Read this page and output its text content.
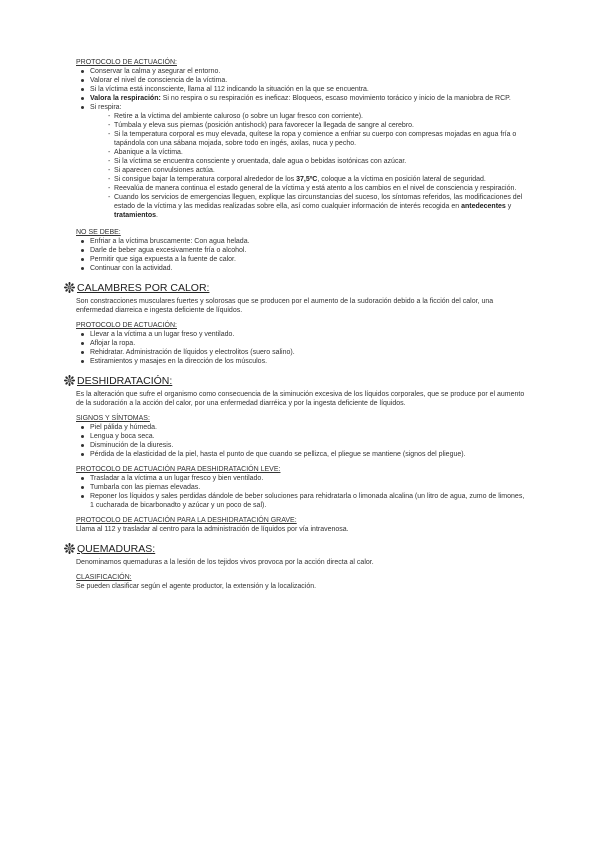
PROTOCOLO DE ACTUACIÓN:
Conservar la calma y asegurar el entorno.
Valorar el nivel de consciencia de la víctima.
Si la víctima está inconsciente, llama al 112 indicando la situación en la que se encuentra.
Valora la respiración: Si no respira o su respiración es ineficaz: Bloqueos, escaso movimiento torácico y inicio de la maniobra de RCP.
Si respira:
- Retire a la víctima del ambiente caluroso (o sobre un lugar fresco con corriente).
- Túmbala y eleva sus piernas (posición antishock) para favorecer la llegada de sangre al cerebro.
- Si la temperatura corporal es muy elevada, quítese la ropa y comience a enfriar su cuerpo con compresas mojadas en agua fría o tapándola con una sábana mojada, sobre todo en ingés, axilas, nuca y pecho.
- Abanique a la víctima.
- Si la víctima se encuentra consciente y oruentada, dale agua o bebidas isotónicas con azúcar.
- Si aparecen convulsiones actúa.
- Si consigue bajar la temperatura corporal alrededor de los 37,5ºC, coloque a la víctima en posición lateral de seguridad.
- Reevalúa de manera continua el estado general de la víctima y está atento a los cambios en el nivel de consciencia y respiración.
- Cuando los servicios de emergencias lleguen, explique las circunstancias del suceso, los síntomas referidos, las modificaciones del estado de la víctima y las medidas realizadas sobre ella, así como cualquier información de interés recogida en antedecentes y tratamientos.
NO SE DEBE:
Enfriar a la víctima bruscamente: Con agua helada.
Darle de beber agua excesivamente fría o alcohol.
Permitir que siga expuesta a la fuente de calor.
Continuar con la actividad.
CALAMBRES POR CALOR:

Son constracciones musculares fuertes y solorosas que se producen por el aumento de la sudoración debido a la ficción del calor, una enfermedad diarreica e ingesta deficiente de líquidos.

PROTOCOLO DE ACTUACIÓN:
Llevar a la víctima a un lugar freso y ventilado.
Aflojar la ropa.
Rehidratar. Administración de líquidos y electrolitos (suero salino).
Estiramientos y masajes en la dirección de los músculos.
DESHIDRATACIÓN:

Es la alteración que sufre el organismo como consecuencia de la siminución excesiva de los líquidos corporales, que se produce por el aumento de la sudoración a la acción del calor, por una enfermedad diarréica y por la ingesta deficiente de líquidos.

SIGNOS Y SÍNTOMAS:
Piel pálida y húmeda.
Lengua y boca seca.
Disminución de la diuresis.
Pérdida de la elasticidad de la piel, hasta el punto de que cuando se pellizca, el pliegue se mantiene (signos del pliegue).
PROTOCOLO DE ACTUACIÓN PARA DESHIDRATACIÓN LEVE:
Trasladar a la víctima a un lugar fresco y bien ventilado.
Tumbarla con las piernas elevadas.
Reponer los líquidos y sales perdidas dándole de beber soluciones para rehidratarla o limonada alcalina (un litro de agua, zumo de limones, 1 cucharada de bicarbonadto y azúcar y un poco de sal).
PROTOCOLO DE ACTUACIÓN PARA LA DESHIDRATACIÓN GRAVE:

Llama al 112 y trasladar al centro para la administración de líquidos por vía intravenosa.

QUEMADURAS:

Denominamos quemaduras a la lesión de los tejidos vivos provoca por la acción directa al calor.

CLASIFICACIÓN:

Se pueden clasificar según el agente productor, la extensión y la localización.
